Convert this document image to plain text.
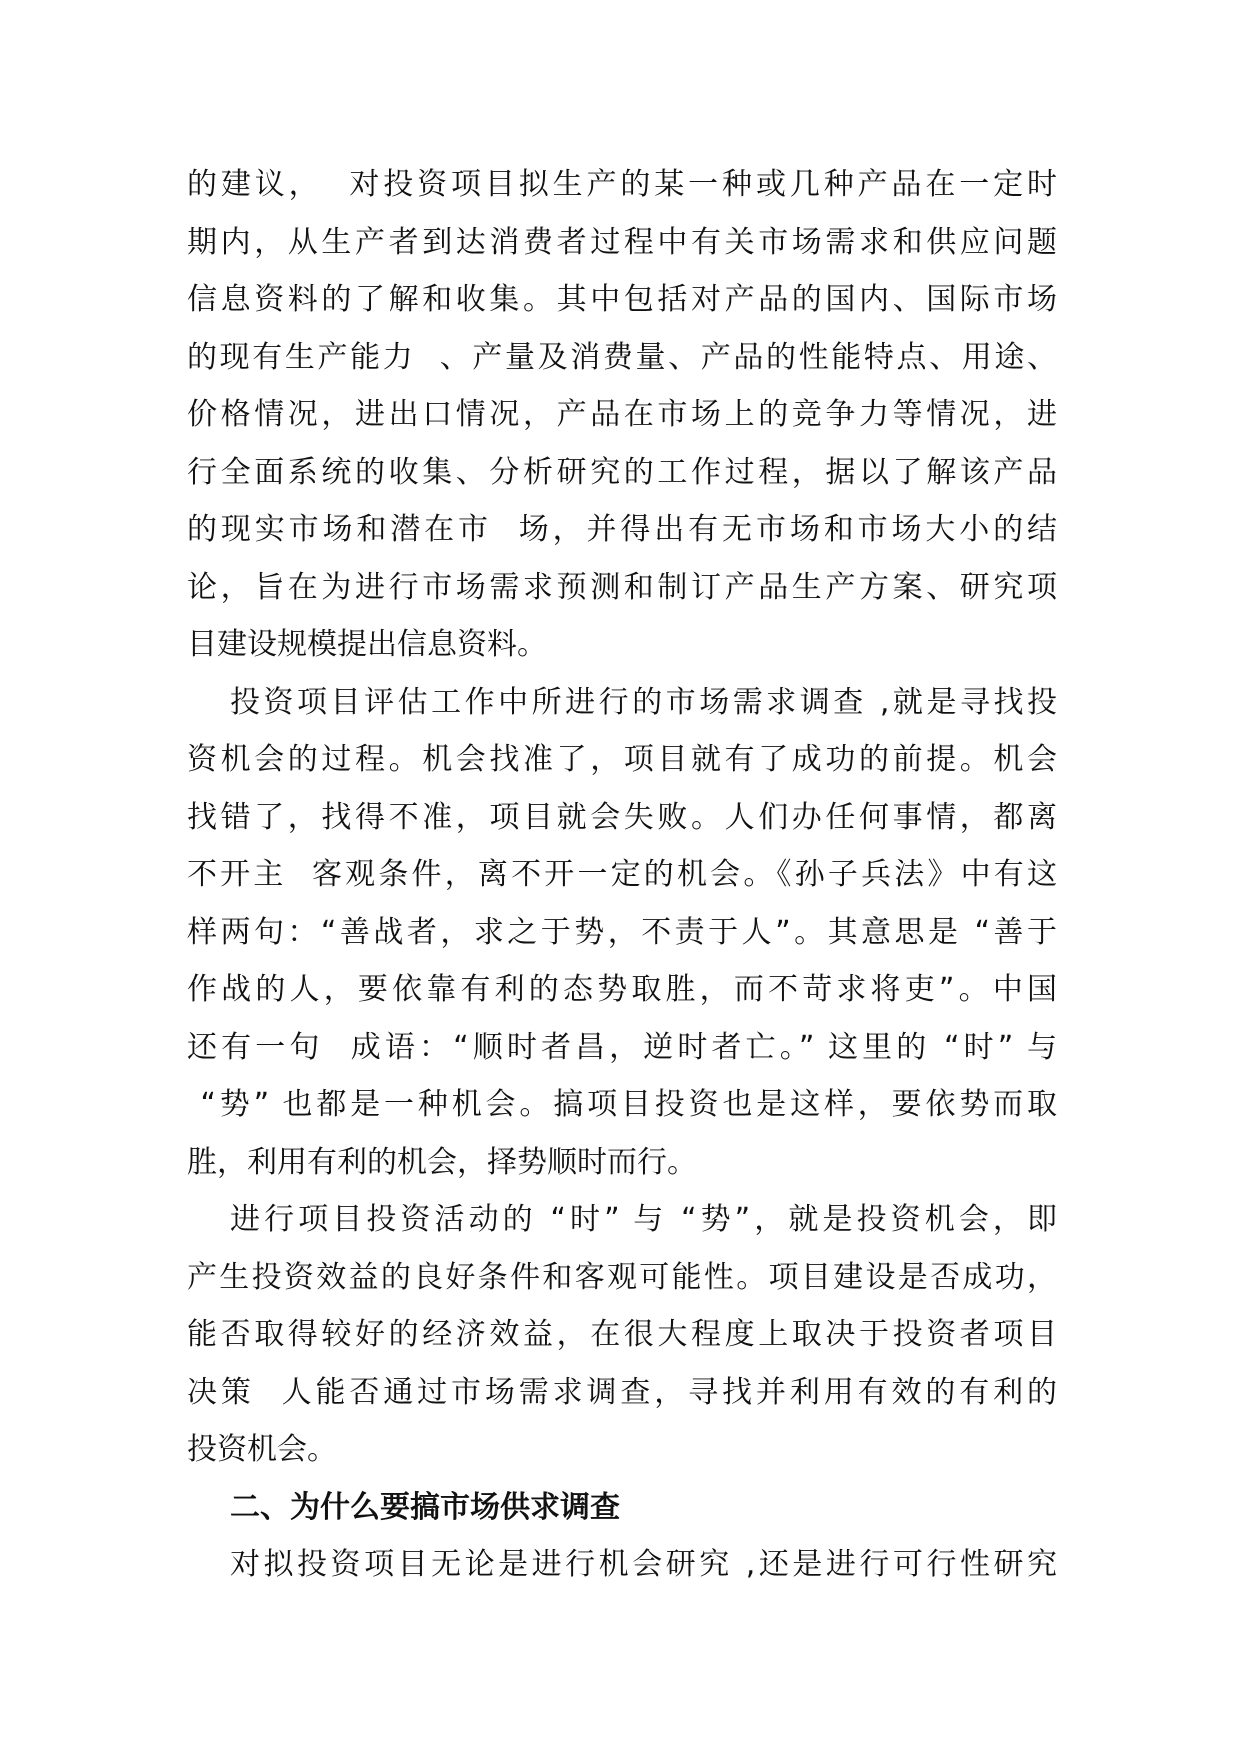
的建议，  对投资项目拟生产的某一种或几种产品在一定时
期内，从生产者到达消费者过程中有关市场需求和供应问题
信息资料的了解和收集。其中包括对产品的国内、国际市场
的现有生产能力  、产量及消费量、产品的性能特点、用途、
价格情况，进出口情况，产品在市场上的竞争力等情况，进
行全面系统的收集、分析研究的工作过程，据以了解该产品
的现实市场和潜在市  场，并得出有无市场和市场大小的结
论，旨在为进行市场需求预测和制订产品生产方案、研究项
目建设规模提出信息资料。
投资项目评估工作中所进行的市场需求调查 ,就是寻找投
资机会的过程。机会找准了，项目就有了成功的前提。机会
找错了，找得不准，项目就会失败。人们办任何事情，都离
不开主  客观条件，离不开一定的机会。《孙子兵法》中有这
样两句：“善战者，求之于势，不责于人”。其意思是 “善于
作战的人，要依靠有利的态势取胜，而不苛求将吏”。中国
还有一句  成语：“顺时者昌，逆时者亡。” 这里的 “时” 与
“势” 也都是一种机会。搞项目投资也是这样，要依势而取
胜，利用有利的机会，择势顺时而行。
进行项目投资活动的 “时” 与 “势”，就是投资机会，即
产生投资效益的良好条件和客观可能性。项目建设是否成功，
能否取得较好的经济效益，在很大程度上取决于投资者项目
决策  人能否通过市场需求调查，寻找并利用有效的有利的
投资机会。
二、为什么要搞市场供求调查
对拟投资项目无论是进行机会研究 ,还是进行可行性研究
